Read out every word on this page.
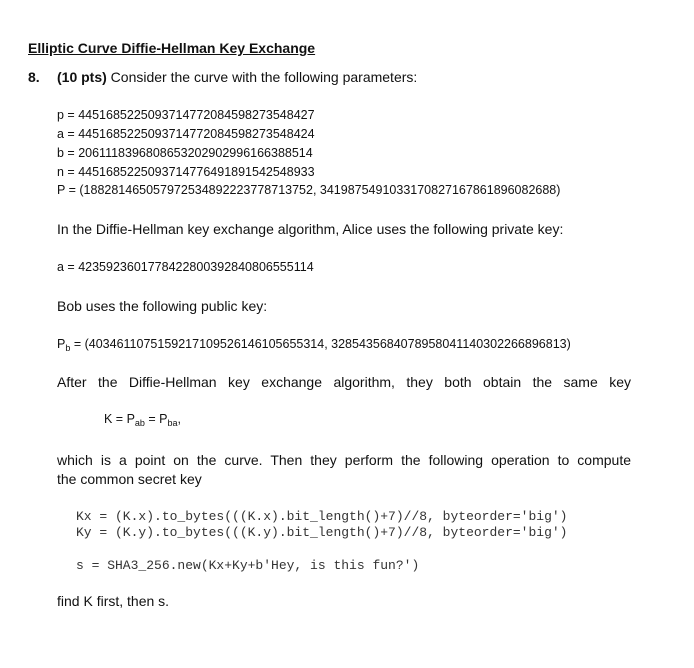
Elliptic Curve Diffie-Hellman Key Exchange
8. (10 pts) Consider the curve with the following parameters:
p = 4451685225093714772084598273548427
a = 4451685225093714772084598273548424
b = 2061118396808653202902996166388514
n = 4451685225093714776491891542548933
P = (188281465057972534892223778713752, 3419875491033170827167861896082688)
In the Diffie-Hellman key exchange algorithm, Alice uses the following private key:
a = 4235923601778422800392840806555114
Bob uses the following public key:
$P_b = (4034611075159217109526146105655314$, 3285435684078958041140302266896813)
After the Diffie-Hellman key exchange algorithm, they both obtain the same key
$K = P_{ab} = P_{ba}$,
which is a point on the curve. Then they perform the following operation to compute
the common secret key
Kx = (K.x).to_bytes(((K.x).bit_length()+7)//8, byteorder='big')
Ky = (K.y).to_bytes(((K.y).bit_length()+7)//8, byteorder='big')
s = SHA3_256.new(Kx+Ky+b'Hey, is this fun?')
find K first, then s.
